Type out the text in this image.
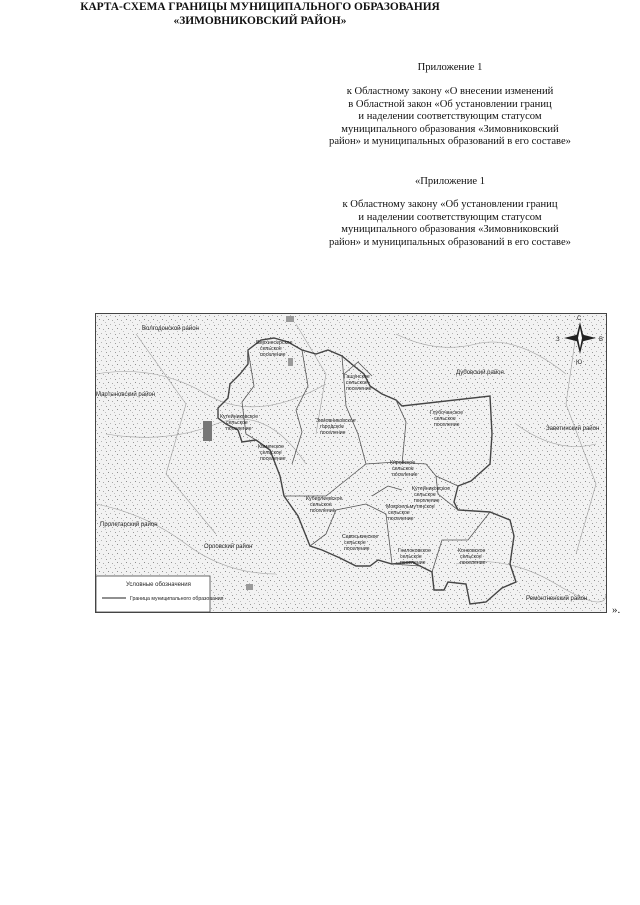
Приложение 1
к Областному закону «О внесении изменений
в Областной закон «Об установлении границ
и наделении соответствующим статусом
муниципального образования «Зимовниковский
район» и муниципальных образований в его составе»
«Приложение 1
к Областному закону «Об установлении границ
и наделении соответствующим статусом
муниципального образования «Зимовниковский
район» и муниципальных образований в его составе»
КАРТА-СХЕМА ГРАНИЦЫ МУНИЦИПАЛЬНОГО ОБРАЗОВАНИЯ
«ЗИМОВНИКОВСКИЙ РАЙОН»
С
Ю
З	В
Волгодонской район
Дубовский район
Мартыновский район
Заветинский район
Пролетарский район
Орловский район
Ремонтненский район
Верхнесерское
сельское
поселение
Гашунское
сельское
поселение
Кутейниковское
сельское
поселение
Зимовниковское
городское
поселение
Глубочанское
сельское
поселение
Каменское
сельское
поселение
Кировское
сельское
поселение
Куберлеевское
сельское
поселение
Гнилоковское
сельское
поселение
Конковское
сельское
поселение
Мокроельмутянское
сельское
поселение
Савоськинское
сельское
поселение
Кутейниковское
сельское
поселение
Условные обозначения
Граница муниципального образования
».
